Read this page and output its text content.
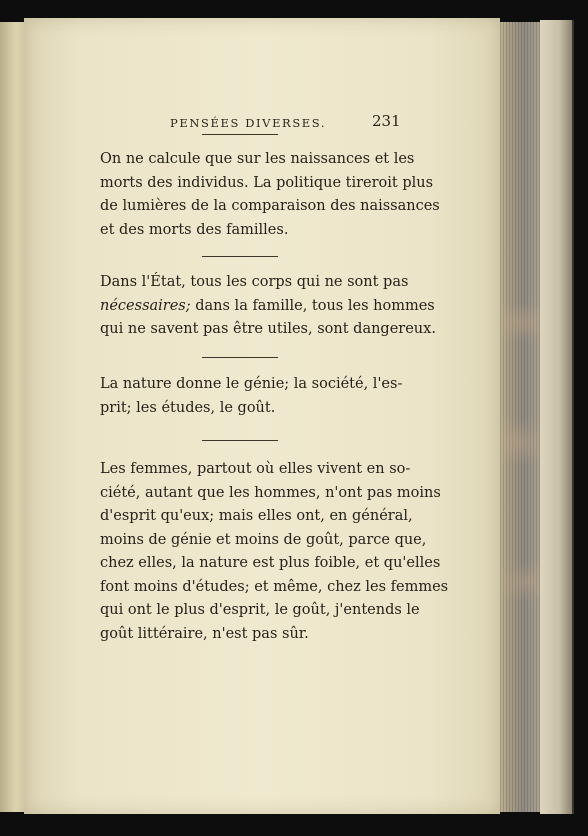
PENSÉES DIVERSES.	231

On ne calcule que sur les naissances et les
morts des individus. La politique tireroit plus
de lumières de la comparaison des naissances
et des morts des familles.

Dans l'État, tous les corps qui ne sont pas
nécessaires; dans la famille, tous les hommes
qui ne savent pas être utiles, sont dangereux.

La nature donne le génie; la société, l'es-
prit; les études, le goût.

Les femmes, partout où elles vivent en so-
ciété, autant que les hommes, n'ont pas moins
d'esprit qu'eux; mais elles ont, en général,
moins de génie et moins de goût, parce que,
chez elles, la nature est plus foible, et qu'elles
font moins d'études; et même, chez les femmes
qui ont le plus d'esprit, le goût, j'entends le
goût littéraire, n'est pas sûr.
